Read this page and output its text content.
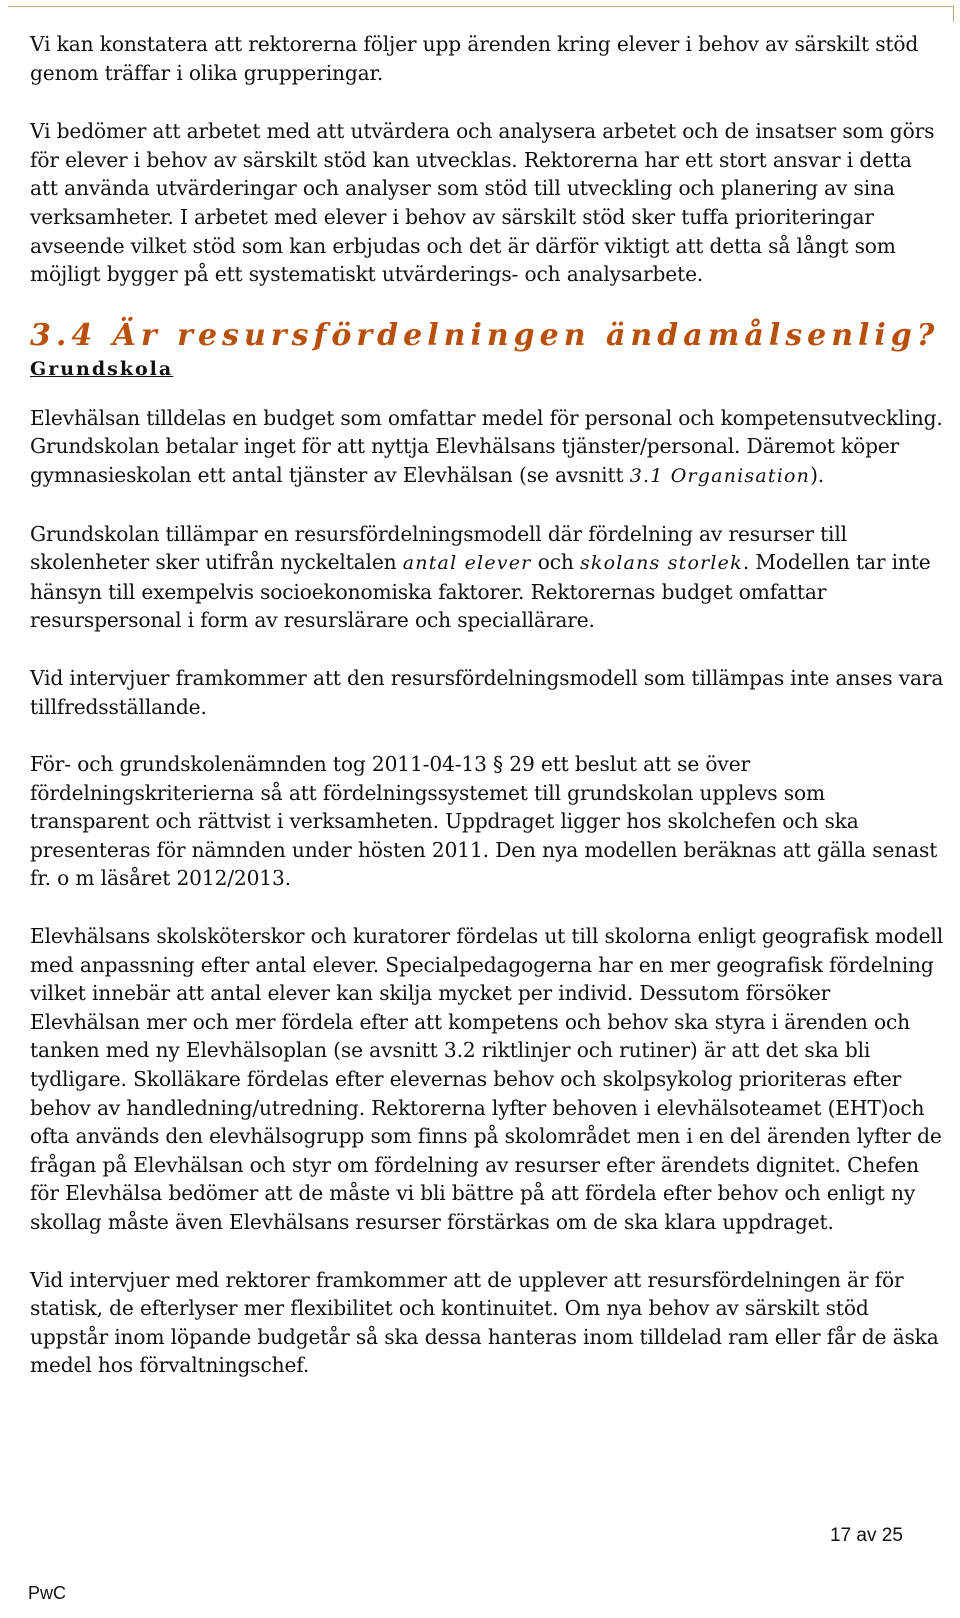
Vi kan konstatera att rektorerna följer upp ärenden kring elever i behov av särskilt stöd genom träffar i olika grupperingar.

Vi bedömer att arbetet med att utvärdera och analysera arbetet och de insatser som görs för elever i behov av särskilt stöd kan utvecklas. Rektorerna har ett stort ansvar i detta att använda utvärderingar och analyser som stöd till utveckling och planering av sina verksamheter. I arbetet med elever i behov av särskilt stöd sker tuffa prioriteringar avseende vilket stöd som kan erbjudas och det är därför viktigt att detta så långt som möjligt bygger på ett systematiskt utvärderings- och analysarbete.

3.4 Är resursfördelningen ändamålsenlig?
Grundskola

Elevhälsan tilldelas en budget som omfattar medel för personal och kompetensutveckling. Grundskolan betalar inget för att nyttja Elevhälsans tjänster/personal. Däremot köper gymnasieskolan ett antal tjänster av Elevhälsan (se avsnitt 3.1 Organisation).

Grundskolan tillämpar en resursfördelningsmodell där fördelning av resurser till skolenheter sker utifrån nyckeltalen antal elever och skolans storlek. Modellen tar inte hänsyn till exempelvis socioekonomiska faktorer. Rektorernas budget omfattar resurspersonal i form av resurslärare och speciallärare.

Vid intervjuer framkommer att den resursfördelningsmodell som tillämpas inte anses vara tillfredsställande.

För- och grundskolenämnden tog 2011-04-13 § 29 ett beslut att se över fördelningskriterierna så att fördelningssystemet till grundskolan upplevs som transparent och rättvist i verksamheten. Uppdraget ligger hos skolchefen och ska presenteras för nämnden under hösten 2011. Den nya modellen beräknas att gälla senast fr. o m läsåret 2012/2013.

Elevhälsans skolsköterskor och kuratorer fördelas ut till skolorna enligt geografisk modell med anpassning efter antal elever. Specialpedagogerna har en mer geografisk fördelning vilket innebär att antal elever kan skilja mycket per individ. Dessutom försöker Elevhälsan mer och mer fördela efter att kompetens och behov ska styra i ärenden och tanken med ny Elevhälsoplan (se avsnitt 3.2 riktlinjer och rutiner) är att det ska bli tydligare. Skolläkare fördelas efter elevernas behov och skolpsykolog prioriteras efter behov av handledning/utredning. Rektorerna lyfter behoven i elevhälsoteamet (EHT)och ofta används den elevhälsogrupp som finns på skolområdet men i en del ärenden lyfter de frågan på Elevhälsan och styr om fördelning av resurser efter ärendets dignitet. Chefen för Elevhälsa bedömer att de måste vi bli bättre på att fördela efter behov och enligt ny skollag måste även Elevhälsans resurser förstärkas om de ska klara uppdraget.

Vid intervjuer med rektorer framkommer att de upplever att resursfördelningen är för statisk, de efterlyser mer flexibilitet och kontinuitet. Om nya behov av särskilt stöd uppstår inom löpande budgetår så ska dessa hanteras inom tilldelad ram eller får de äska medel hos förvaltningschef.

17 av 25
PwC
